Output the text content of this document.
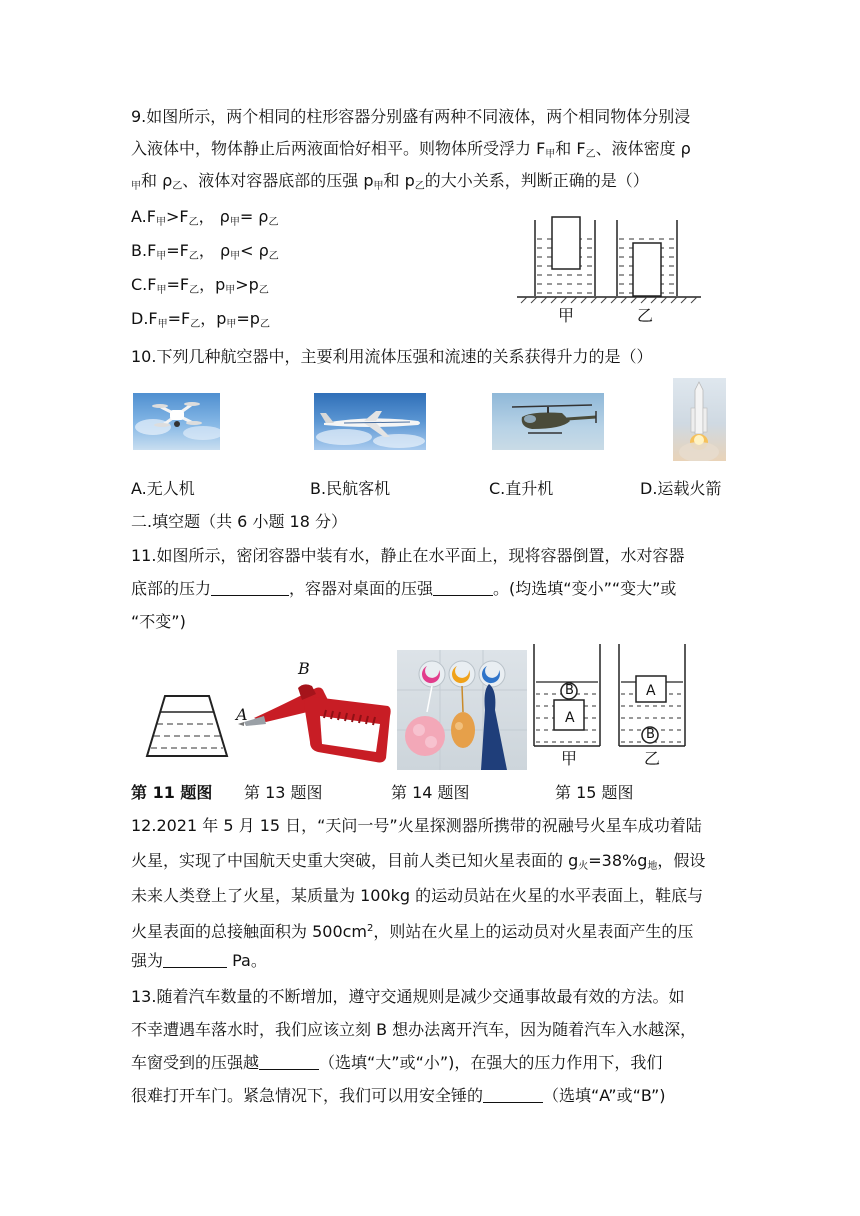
9.如图所示，两个相同的柱形容器分别盛有两种不同液体，两个相同物体分别浸
入液体中，物体静止后两液面恰好相平。则物体所受浮力 $F_甲$和 $F_乙$、液体密度 ρ
$_甲$和 $\rho_乙$、液体对容器底部的压强 $p_甲$和 $p_乙$的大小关系，判断正确的是（）
$A.F_甲>F_乙$， $\rho_甲= \rho_乙$
$B.F_甲=F_乙$， $\rho_甲< \rho_乙$
$C.F_甲=F_乙$，$p_甲>p_乙$
$D.F_甲=F_乙$，$p_甲=p_乙$	甲	乙
10.下列几种航空器中，主要利用流体压强和流速的关系获得升力的是（）
A.无人机	B.民航客机	C.直升机	D.运载火箭
二.填空题（共 6 小题 18 分）
11.如图所示，密闭容器中装有水，静止在水平面上，现将容器倒置，水对容器
底部的压力	，容器对桌面的压强	。(均选填“变小”“变大”或
“不变”)
B
A	A
B	A
B
甲	乙
第 11 题图 第 13 题图	第 14 题图	第 15 题图
12.2021 年 5 月 15 日，“天问一号”火星探测器所携带的祝融号火星车成功着陆
火星，实现了中国航天史重大突破，目前人类已知火星表面的 $g_火=38\%g_地$，假设
未来人类登上了火星，某质量为 100kg 的运动员站在火星的水平表面上，鞋底与
火星表面的总接触面积为 $500cm^2$，则站在火星上的运动员对火星表面产生的压
强为	Pa。
13.随着汽车数量的不断增加，遵守交通规则是减少交通事故最有效的方法。如
不幸遭遇车落水时，我们应该立刻 B 想办法离开汽车，因为随着汽车入水越深，
车窗受到的压强越	（选填“大”或“小”)，在强大的压力作用下，我们
很难打开车门。紧急情况下，我们可以用安全锤的	（选填“A”或“B”)
